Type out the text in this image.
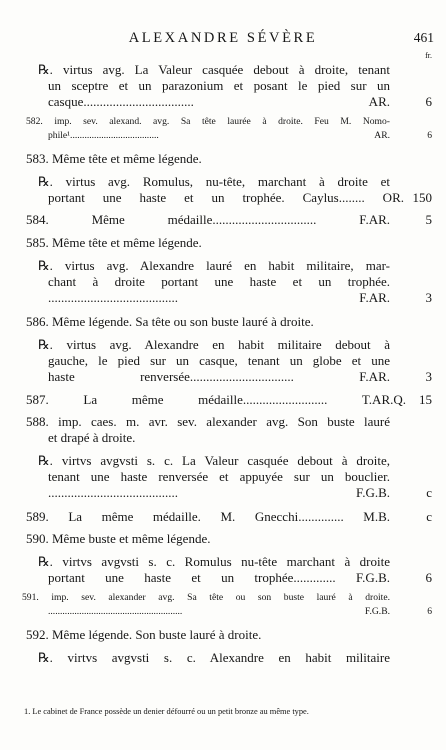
ALEXANDRE SÉVÈRE	461
fr.
℞. virtus avg. La Valeur casquée debout à droite, tenant
un sceptre et un parazonium et posant le pied sur un
casque.................................. AR.	6
582. imp. sev. alexand. avg. Sa tête laurée à droite. Feu M. Nomo-
phile¹..................................... AR.	6
583. Même tête et même légende.
℞. virtus avg. Romulus, nu-tête, marchant à droite et
portant une haste et un trophée. Caylus........ OR. 150
584. Même médaille................................ F.AR.	5
585. Même tête et même légende.
℞. virtus avg. Alexandre lauré en habit militaire, mar-
chant à droite portant une haste et un trophée.
........................................ F.AR.	3
586. Même légende. Sa tête ou son buste lauré à droite.
℞. virtus avg. Alexandre en habit militaire debout à
gauche, le pied sur un casque, tenant un globe et une
haste renversée................................ F.AR.	3
587. La même médaille.......................... T.AR.Q. 15
588. imp. caes. m. avr. sev. alexander avg. Son buste lauré
et drapé à droite.
℞. virtvs avgvsti s. c. La Valeur casquée debout à droite,
tenant une haste renversée et appuyée sur un bouclier.
........................................ F.G.B.	c
589. La même médaille. M. Gnecchi.............. M.B.	c
590. Même buste et même légende.
℞. virtvs avgvsti s. c. Romulus nu-tête marchant à droite
portant une haste et un trophée............. F.G.B.	6
591. imp. sev. alexander avg. Sa tête ou son buste lauré à droite.
........................................................ F.G.B.	6
592. Même légende. Son buste lauré à droite.
℞. virtvs avgvsti s. c. Alexandre en habit militaire
1. Le cabinet de France possède un denier défourré ou un petit bronze au même type.
